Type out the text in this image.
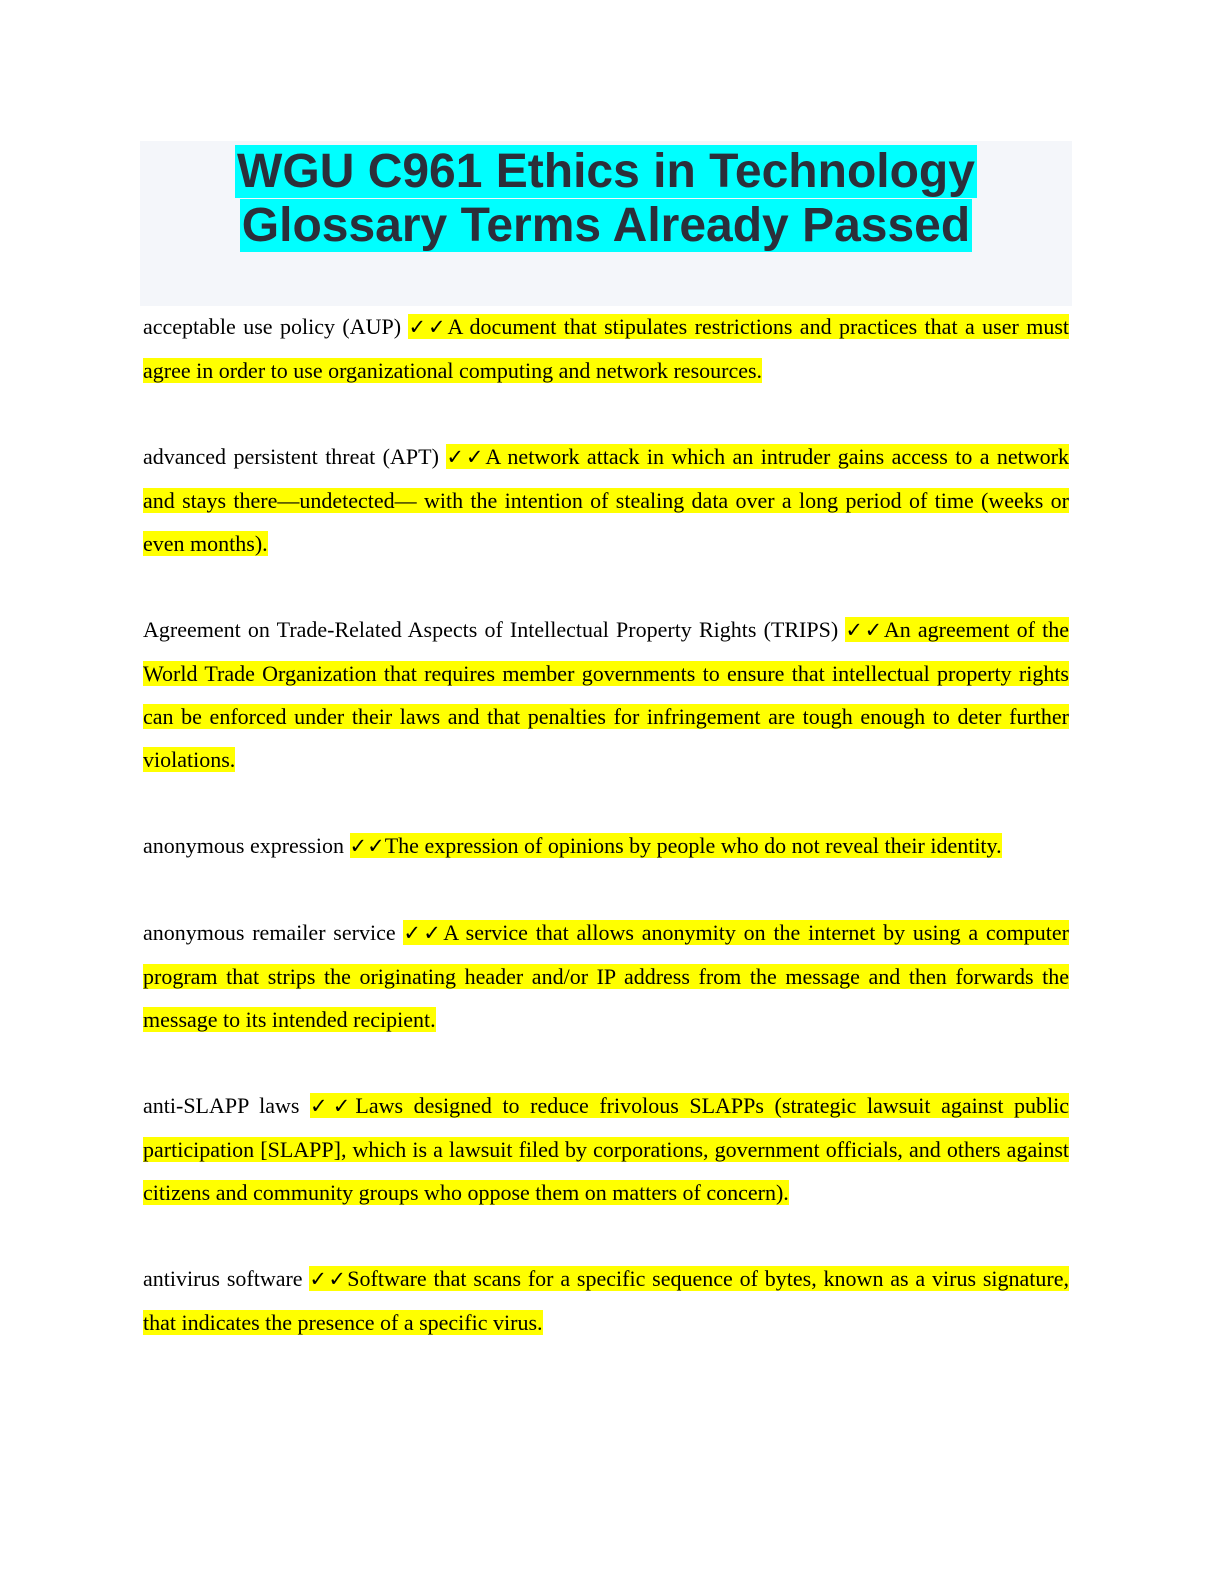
WGU C961 Ethics in Technology
Glossary Terms Already Passed

acceptable use policy (AUP) ✓✓A document that stipulates restrictions and practices that a user must agree in order to use organizational computing and network resources.

advanced persistent threat (APT) ✓✓A network attack in which an intruder gains access to a network and stays there—undetected— with the intention of stealing data over a long period of time (weeks or even months).

Agreement on Trade-Related Aspects of Intellectual Property Rights (TRIPS) ✓✓An agreement of the World Trade Organization that requires member governments to ensure that intellectual property rights can be enforced under their laws and that penalties for infringement are tough enough to deter further violations.

anonymous expression ✓✓The expression of opinions by people who do not reveal their identity.

anonymous remailer service ✓✓A service that allows anonymity on the internet by using a computer program that strips the originating header and/or IP address from the message and then forwards the message to its intended recipient.

anti-SLAPP laws ✓✓Laws designed to reduce frivolous SLAPPs (strategic lawsuit against public participation [SLAPP], which is a lawsuit filed by corporations, government officials, and others against citizens and community groups who oppose them on matters of concern).

antivirus software ✓✓Software that scans for a specific sequence of bytes, known as a virus signature, that indicates the presence of a specific virus.
